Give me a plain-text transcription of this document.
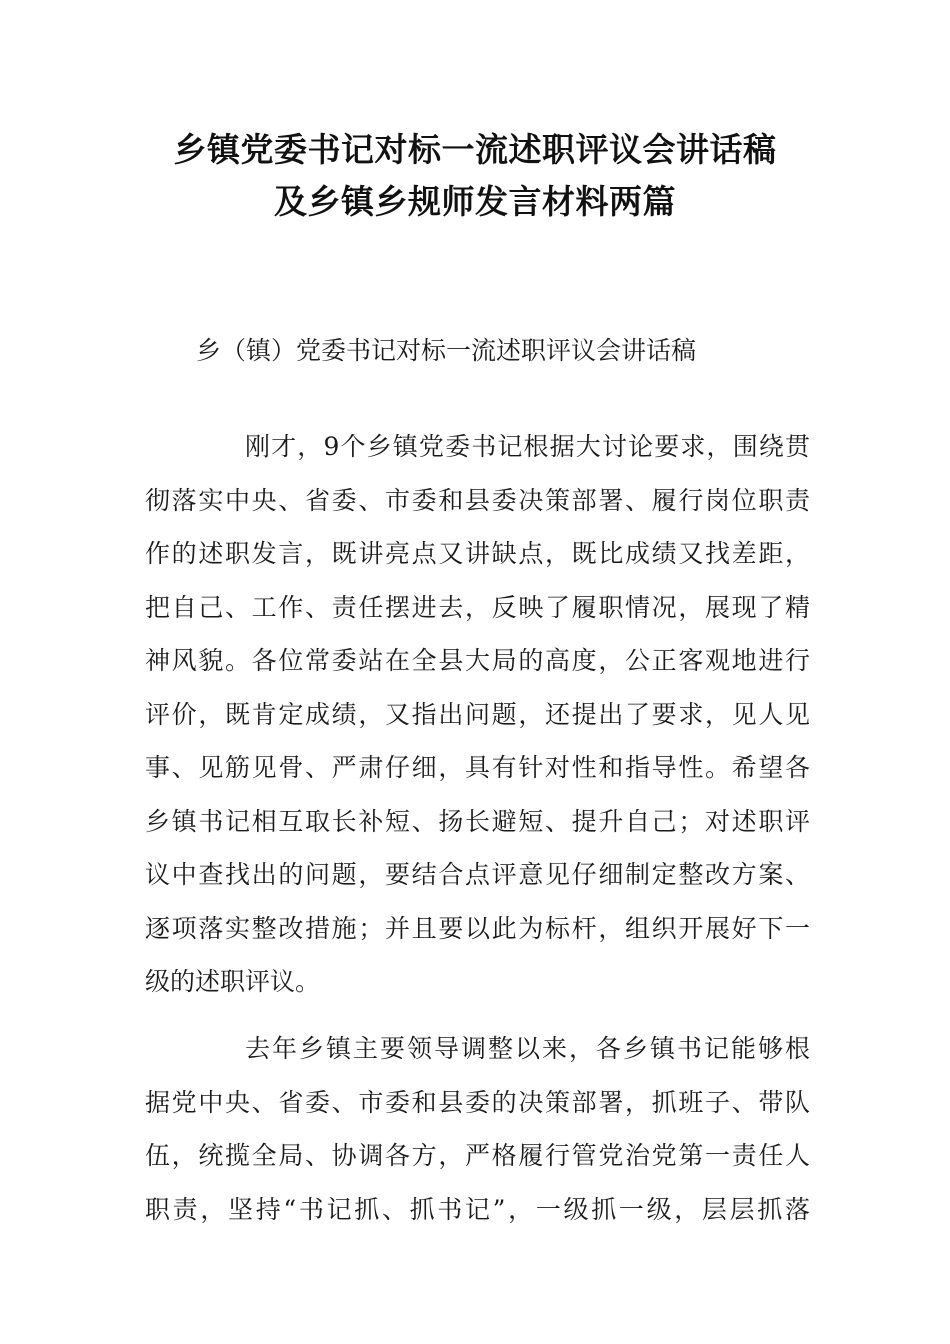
乡镇党委书记对标一流述职评议会讲话稿
及乡镇乡规师发言材料两篇
乡（镇）党委书记对标一流述职评议会讲话稿
刚才，9个乡镇党委书记根据大讨论要求，围绕贯
彻落实中央、省委、市委和县委决策部署、履行岗位职责
作的述职发言，既讲亮点又讲缺点，既比成绩又找差距，
把自己、工作、责任摆进去，反映了履职情况，展现了精
神风貌。各位常委站在全县大局的高度，公正客观地进行
评价，既肯定成绩，又指出问题，还提出了要求，见人见
事、见筋见骨、严肃仔细，具有针对性和指导性。希望各
乡镇书记相互取长补短、扬长避短、提升自己；对述职评
议中查找出的问题，要结合点评意见仔细制定整改方案、
逐项落实整改措施；并且要以此为标杆，组织开展好下一
级的述职评议。
去年乡镇主要领导调整以来，各乡镇书记能够根
据党中央、省委、市委和县委的决策部署，抓班子、带队
伍，统揽全局、协调各方，严格履行管党治党第一责任人
职责，坚持“书记抓、抓书记”，一级抓一级，层层抓落
